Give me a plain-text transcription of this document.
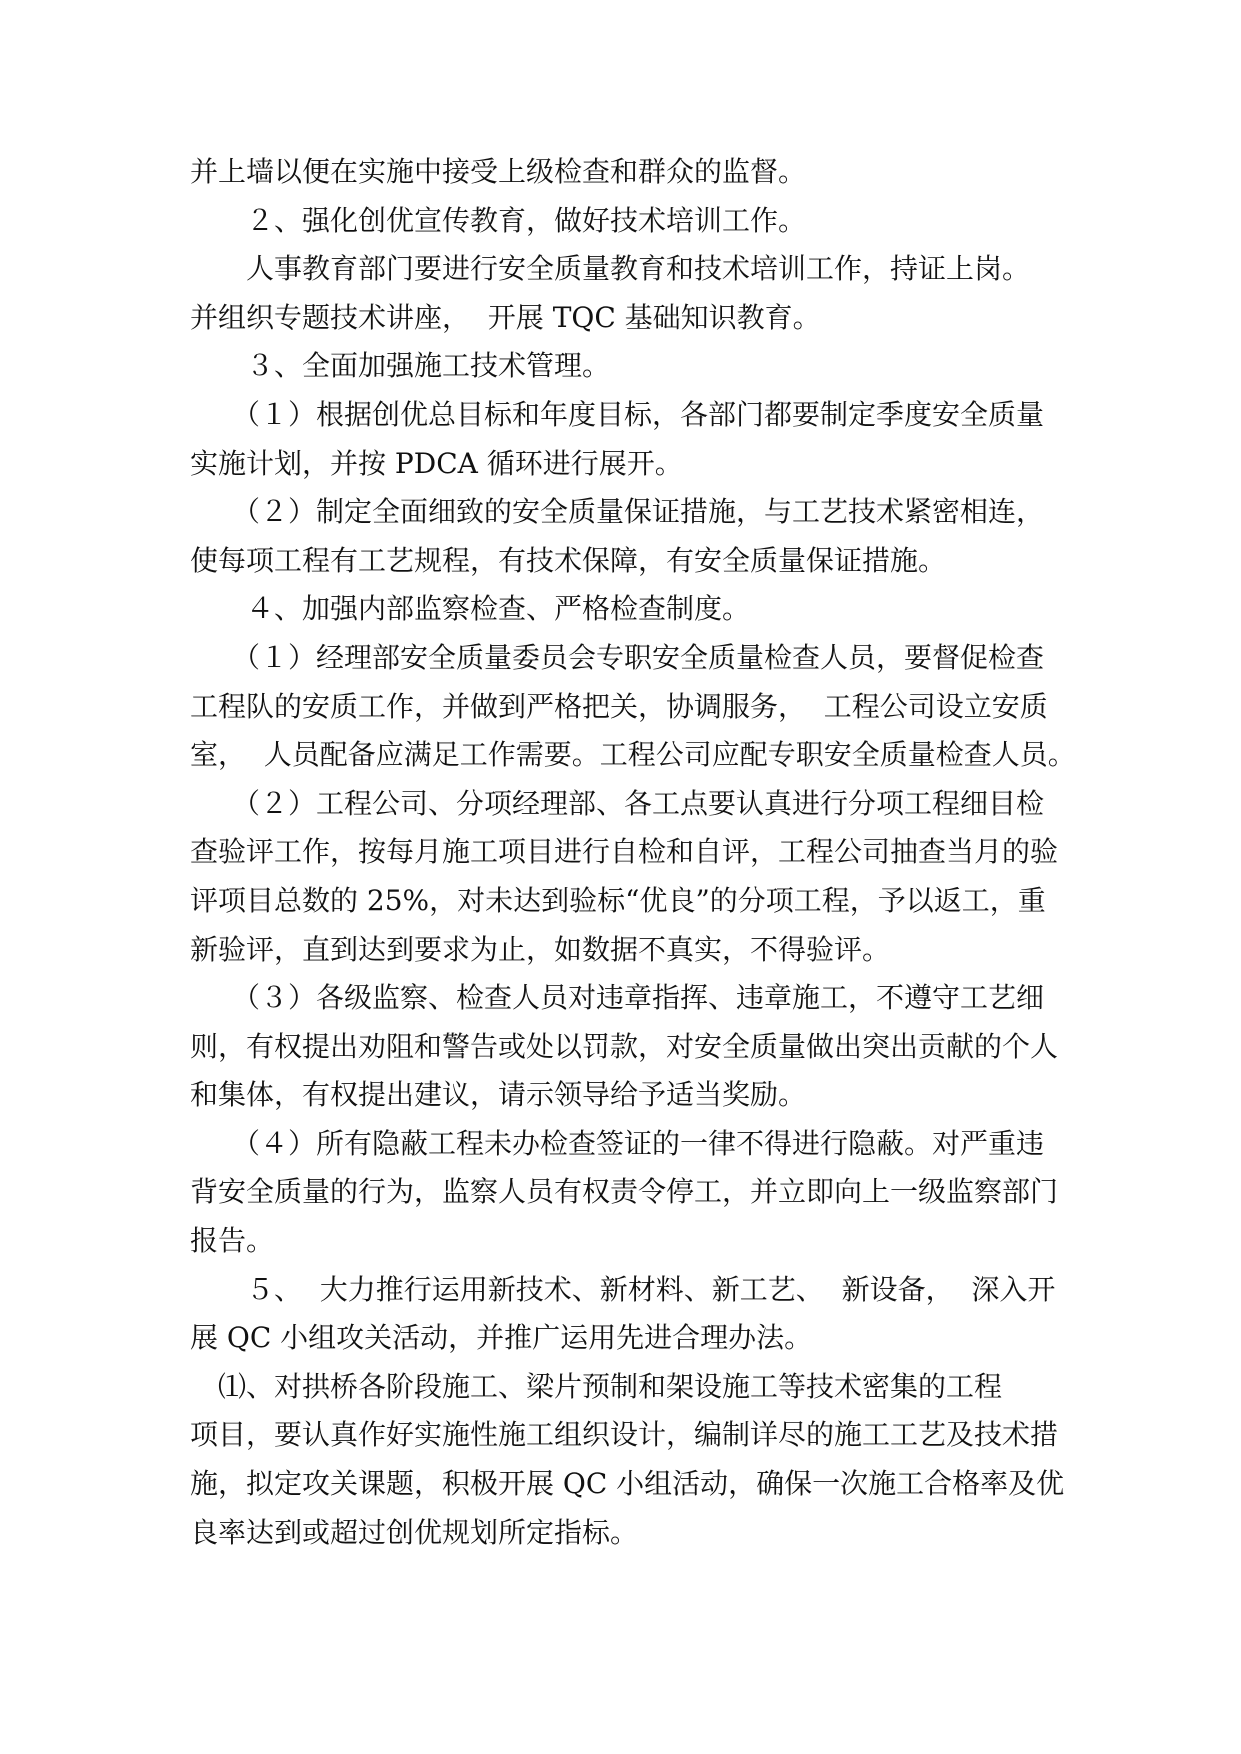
并上墙以便在实施中接受上级检查和群众的监督。
　　２、强化创优宣传教育，做好技术培训工作。
　　人事教育部门要进行安全质量教育和技术培训工作，持证上岗。
并组织专题技术讲座，  开展 TQC 基础知识教育。
　　３、全面加强施工技术管理。
　　（１）根据创优总目标和年度目标，各部门都要制定季度安全质量
实施计划，并按 PDCA 循环进行展开。
　　（２）制定全面细致的安全质量保证措施，与工艺技术紧密相连，
使每项工程有工艺规程，有技术保障，有安全质量保证措施。
　　４、加强内部监察检查、严格检查制度。
　　（１）经理部安全质量委员会专职安全质量检查人员，要督促检查
工程队的安质工作，并做到严格把关，协调服务，  工程公司设立安质
室，  人员配备应满足工作需要。工程公司应配专职安全质量检查人员。
　　（２）工程公司、分项经理部、各工点要认真进行分项工程细目检
查验评工作，按每月施工项目进行自检和自评，工程公司抽查当月的验
评项目总数的 25%，对未达到验标“优良”的分项工程，予以返工，重
新验评，直到达到要求为止，如数据不真实，不得验评。
　　（３）各级监察、检查人员对违章指挥、违章施工，不遵守工艺细
则，有权提出劝阻和警告或处以罚款，对安全质量做出突出贡献的个人
和集体，有权提出建议，请示领导给予适当奖励。
　　（４）所有隐蔽工程未办检查签证的一律不得进行隐蔽。对严重违
背安全质量的行为，监察人员有权责令停工，并立即向上一级监察部门
报告。
　　５、  大力推行运用新技术、新材料、新工艺、  新设备，  深入开
展 QC 小组攻关活动，并推广运用先进合理办法。
　⑴、对拱桥各阶段施工、梁片预制和架设施工等技术密集的工程
项目，要认真作好实施性施工组织设计，编制详尽的施工工艺及技术措
施，拟定攻关课题，积极开展 QC 小组活动，确保一次施工合格率及优
良率达到或超过创优规划所定指标。
